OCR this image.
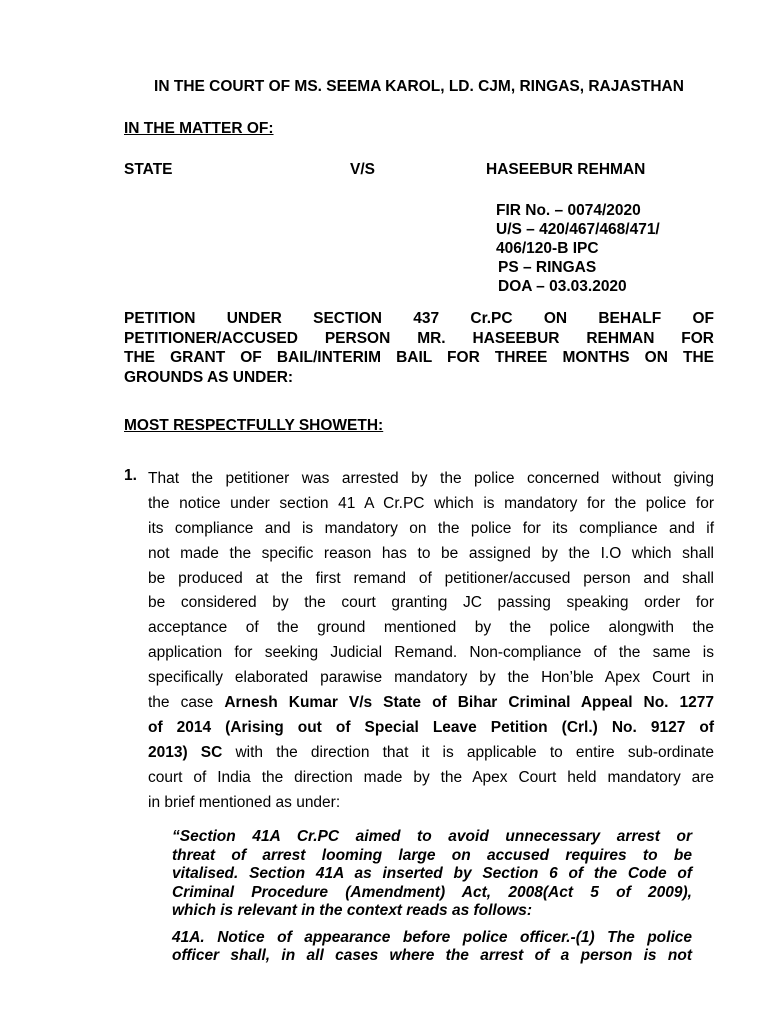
IN THE COURT OF MS. SEEMA KAROL, LD. CJM, RINGAS, RAJASTHAN
IN THE MATTER OF:
STATE	V/S	HASEEBUR REHMAN
FIR No. – 0074/2020
U/S – 420/467/468/471/
406/120-B IPC
PS – RINGAS
DOA – 03.03.2020
PETITION UNDER SECTION 437 Cr.PC ON BEHALF OF
PETITIONER/ACCUSED PERSON MR. HASEEBUR REHMAN FOR
THE GRANT OF BAIL/INTERIM BAIL FOR THREE MONTHS ON THE
GROUNDS AS UNDER:
MOST RESPECTFULLY SHOWETH:
1. That the petitioner was arrested by the police concerned without giving
the notice under section 41 A Cr.PC which is mandatory for the police for
its compliance and is mandatory on the police for its compliance and if
not made the specific reason has to be assigned by the I.O which shall
be produced at the first remand of petitioner/accused person and shall
be considered by the court granting JC passing speaking order for
acceptance of the ground mentioned by the police alongwith the
application for seeking Judicial Remand. Non-compliance of the same is
specifically elaborated parawise mandatory by the Hon’ble Apex Court in
the case Arnesh Kumar V/s State of Bihar Criminal Appeal No. 1277
of 2014 (Arising out of Special Leave Petition (Crl.) No. 9127 of
2013) SC with the direction that it is applicable to entire sub-ordinate
court of India the direction made by the Apex Court held mandatory are
in brief mentioned as under:
“Section 41A Cr.PC aimed to avoid unnecessary arrest or
threat of arrest looming large on accused requires to be
vitalised. Section 41A as inserted by Section 6 of the Code of
Criminal Procedure (Amendment) Act, 2008(Act 5 of 2009),
which is relevant in the context reads as follows:
41A. Notice of appearance before police officer.-(1) The police
officer shall, in all cases where the arrest of a person is not
